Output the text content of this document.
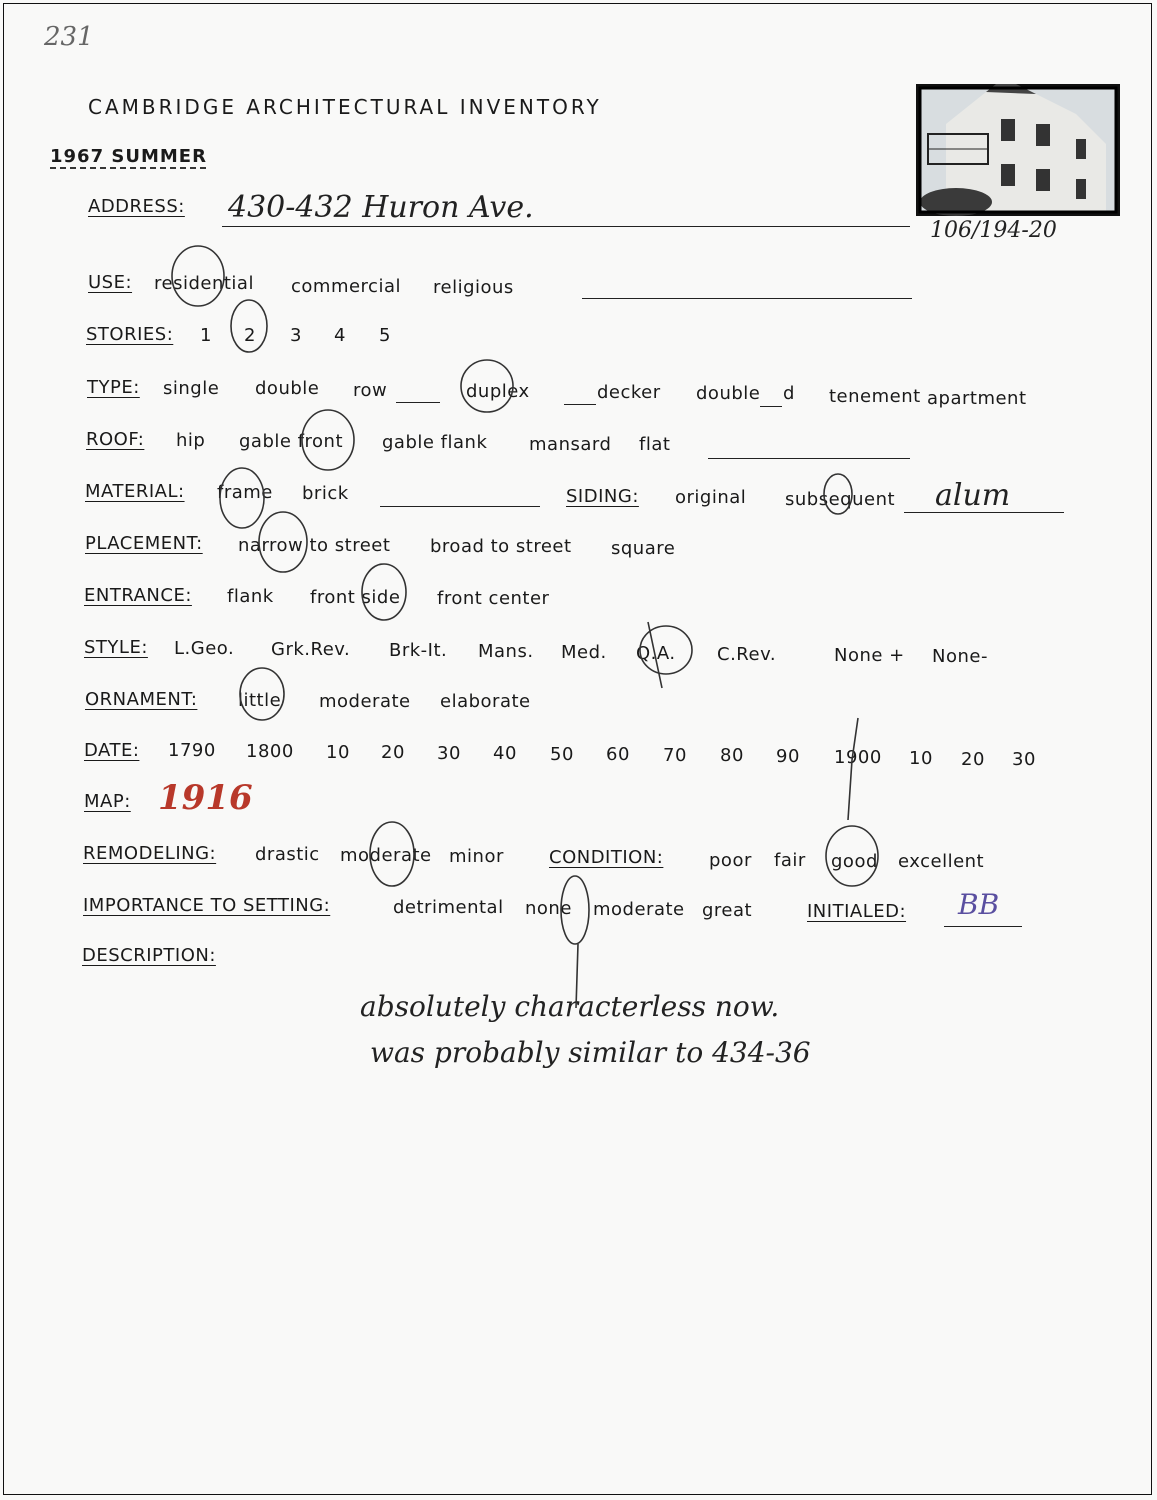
231
CAMBRIDGE ARCHITECTURAL INVENTORY
1967 SUMMER
ADDRESS: 430-432 Huron Ave.
106/194-20
USE: residential commercial religious
STORIES: 1 2 3 4 5
TYPE: single double row	duplex	decker double d tenement apartment
ROOF: hip gable front gable flank mansard flat
MATERIAL: frame brick	SIDING: original subsequent alum
PLACEMENT: narrow to street broad to street square
ENTRANCE: flank front side front center
STYLE: L.Geo. Grk.Rev. Brk-It. Mans. Med. Q.A. C.Rev.	None + None-
ORNAMENT: little moderate elaborate
DATE: 1790 1800 10 20 30 40 50 60 70 80 90 1900 10 20 30
MAP: 1916
REMODELING: drastic moderate minor	CONDITION:	poor fair good excellent
IMPORTANCE TO SETTING:	detrimental none moderate great	INITIALED: BB
DESCRIPTION:
absolutely characterless now.
was probably similar to 434-36
